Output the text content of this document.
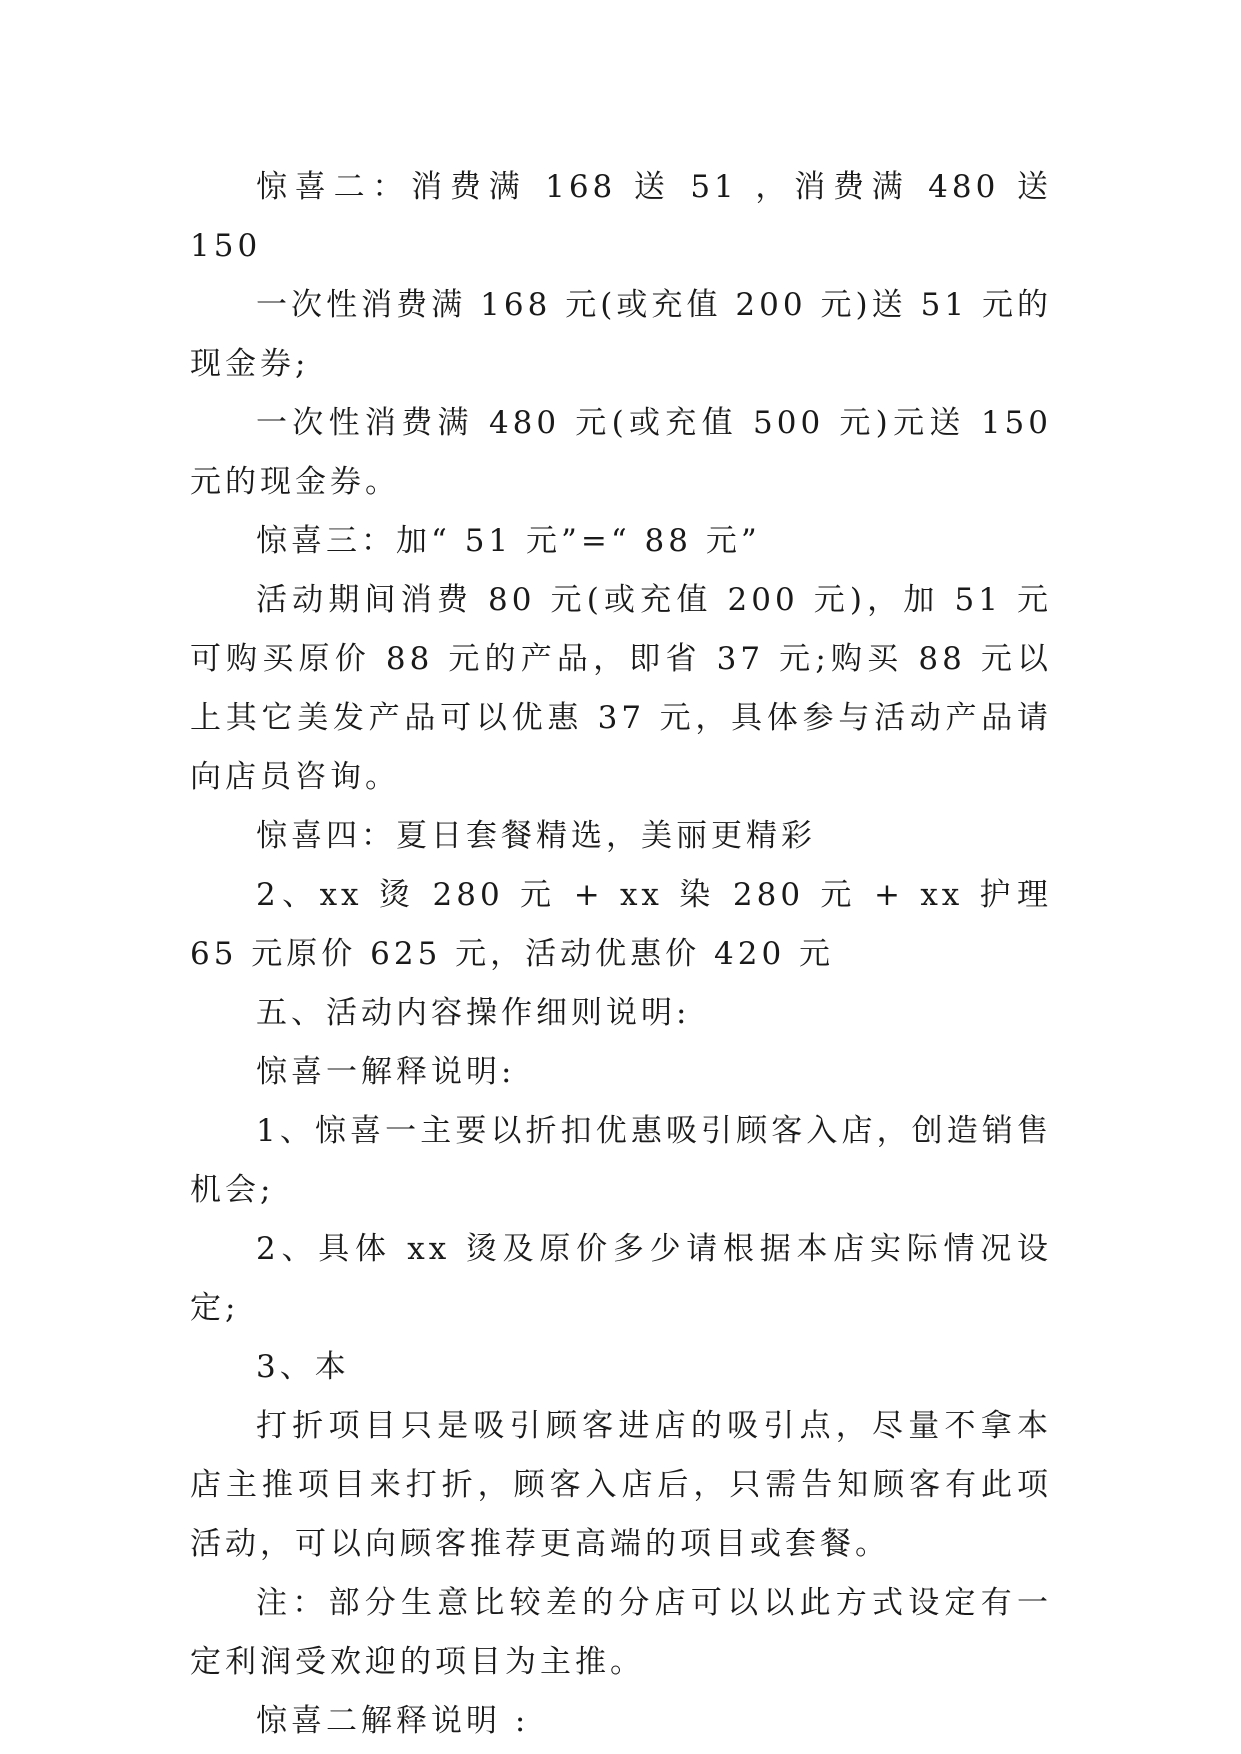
惊喜二：消费满 168 送 51 ，消费满 480 送 150

一次性消费满 168 元(或充值 200 元)送 51 元的现金券;

一次性消费满 480 元(或充值 500 元)元送 150 元的现金券。

惊喜三：加“ 51 元”=“ 88 元”

活动期间消费 80 元(或充值 200 元)，加 51 元可购买原价 88 元的产品，即省 37 元;购买 88 元以上其它美发产品可以优惠 37 元，具体参与活动产品请向店员咨询。

惊喜四：夏日套餐精选，美丽更精彩

2、xx 烫 280 元 + xx 染 280 元 + xx 护理 65 元原价 625 元，活动优惠价 420 元

五、活动内容操作细则说明:

惊喜一解释说明:

1、惊喜一主要以折扣优惠吸引顾客入店，创造销售机会;

2、具体 xx 烫及原价多少请根据本店实际情况设定;

3、本

打折项目只是吸引顾客进店的吸引点，尽量不拿本店主推项目来打折，顾客入店后，只需告知顾客有此项活动，可以向顾客推荐更高端的项目或套餐。

注：部分生意比较差的分店可以以此方式设定有一定利润受欢迎的项目为主推。

惊喜二解释说明 :
